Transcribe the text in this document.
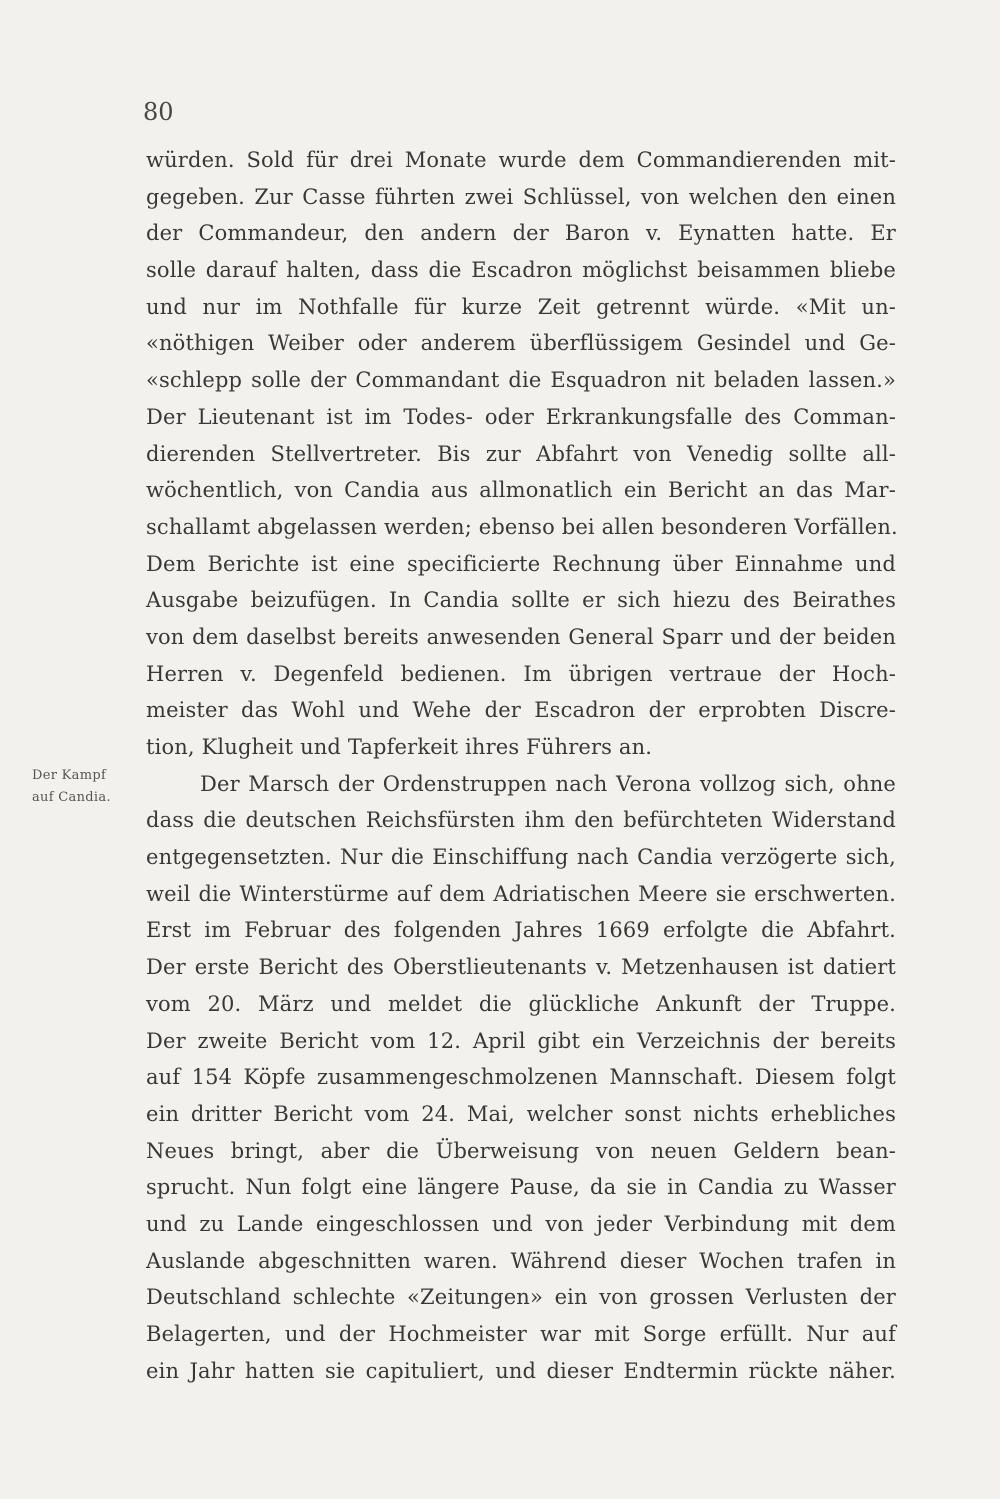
80
Der Kampf
auf Candia.
würden. Sold für drei Monate wurde dem Commandierenden mit-
gegeben. Zur Casse führten zwei Schlüssel, von welchen den einen
der Commandeur, den andern der Baron v. Eynatten hatte. Er
solle darauf halten, dass die Escadron möglichst beisammen bliebe
und nur im Nothfalle für kurze Zeit getrennt würde. «Mit un-
«nöthigen Weiber oder anderem überflüssigem Gesindel und Ge-
«schlepp solle der Commandant die Esquadron nit beladen lassen.»
Der Lieutenant ist im Todes- oder Erkrankungsfalle des Comman-
dierenden Stellvertreter. Bis zur Abfahrt von Venedig sollte all-
wöchentlich, von Candia aus allmonatlich ein Bericht an das Mar-
schallamt abgelassen werden; ebenso bei allen besonderen Vorfällen.
Dem Berichte ist eine specificierte Rechnung über Einnahme und
Ausgabe beizufügen. In Candia sollte er sich hiezu des Beirathes
von dem daselbst bereits anwesenden General Sparr und der beiden
Herren v. Degenfeld bedienen. Im übrigen vertraue der Hoch-
meister das Wohl und Wehe der Escadron der erprobten Discre-
tion, Klugheit und Tapferkeit ihres Führers an.
Der Marsch der Ordenstruppen nach Verona vollzog sich, ohne
dass die deutschen Reichsfürsten ihm den befürchteten Widerstand
entgegensetzten. Nur die Einschiffung nach Candia verzögerte sich,
weil die Winterstürme auf dem Adriatischen Meere sie erschwerten.
Erst im Februar des folgenden Jahres 1669 erfolgte die Abfahrt.
Der erste Bericht des Oberstlieutenants v. Metzenhausen ist datiert
vom 20. März und meldet die glückliche Ankunft der Truppe.
Der zweite Bericht vom 12. April gibt ein Verzeichnis der bereits
auf 154 Köpfe zusammengeschmolzenen Mannschaft. Diesem folgt
ein dritter Bericht vom 24. Mai, welcher sonst nichts erhebliches
Neues bringt, aber die Überweisung von neuen Geldern bean-
sprucht. Nun folgt eine längere Pause, da sie in Candia zu Wasser
und zu Lande eingeschlossen und von jeder Verbindung mit dem
Auslande abgeschnitten waren. Während dieser Wochen trafen in
Deutschland schlechte «Zeitungen» ein von grossen Verlusten der
Belagerten, und der Hochmeister war mit Sorge erfüllt. Nur auf
ein Jahr hatten sie capituliert, und dieser Endtermin rückte näher.
